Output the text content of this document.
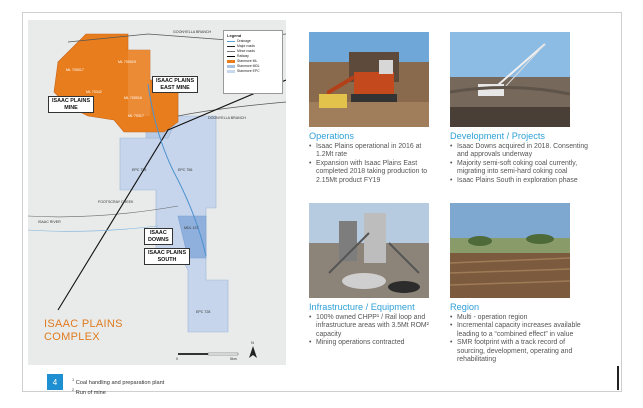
Legend
Drainage
Major roads
Minor roads
Railway
Stanmore ML
Stanmore MDL
Stanmore EPC
GOONYELLA BRANCH
ML 700019
ML 70342
ML 700016
ML 70317
ML 700017
EPC 755	EPC 756
MDL 137
ISAAC RIVER
EPC 728
FOOTSCRAY CREEK
DOONYELLA BRANCH
ISAAC PLAINS
MINE
ISAAC PLAINS
EAST MINE
ISAAC
DOWNS
ISAAC PLAINS
SOUTH
0	5km
N
ISAAC PLAINS
COMPLEX
Operations
• Isaac Plains operational in 2016 at 1.2Mt rate
• Expansion with Isaac Plains East completed 2018 taking production to 2.15Mt product FY19
Development / Projects
• Isaac Downs acquired in 2018. Consenting and approvals underway
• Majority semi-soft coking coal currently, migrating into semi-hard coking coal
• Isaac Plains South in exploration phase
Infrastructure / Equipment
• 100% owned CHPP¹ / Rail loop and infrastructure areas with 3.5Mt ROM² capacity
• Mining operations contracted
Region
• Multi - operation region
• Incremental capacity increases available leading to a “combined effect” in value
• SMR footprint with a track record of sourcing, development, operating and rehabilitating
4	$^1$ Coal handling and preparation plant
$^2$ Run of mine
